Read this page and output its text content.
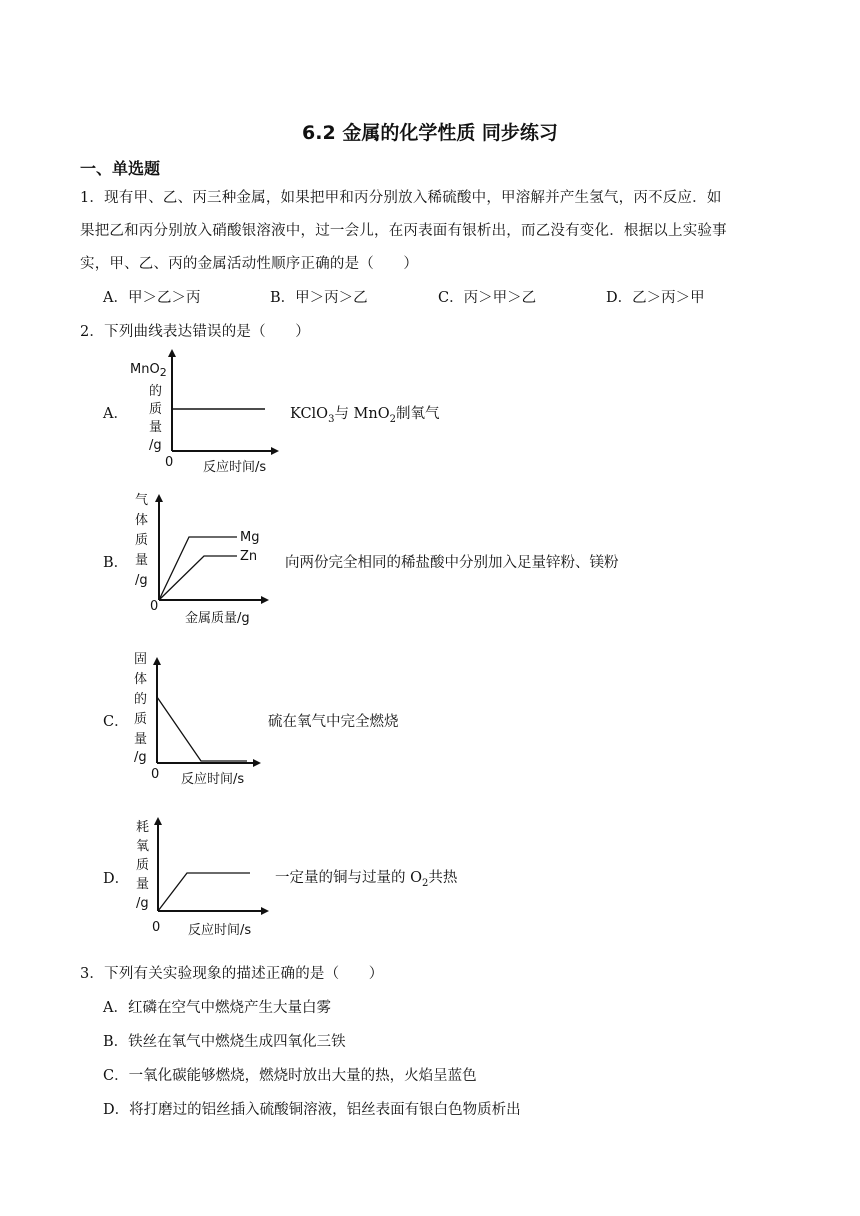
6.2 金属的化学性质 同步练习
一、单选题
1．现有甲、乙、丙三种金属，如果把甲和丙分别放入稀硫酸中，甲溶解并产生氢气，丙不反应．如
果把乙和丙分别放入硝酸银溶液中，过一会儿，在丙表面有银析出，而乙没有变化．根据以上实验事
实，甲、乙、丙的金属活动性顺序正确的是（　　）
A．甲＞乙＞丙	B．甲＞丙＞乙	C．丙＞甲＞乙	D．乙＞丙＞甲
2．下列曲线表达错误的是（　　）
A．
MnO$_2$
的
质
量
/g
0 反应时间/s
KClO$_3$与 MnO$_2$制氧气
B．
气
体
质
量
/g
Mg
Zn
0
金属质量/g
向两份完全相同的稀盐酸中分别加入足量锌粉、镁粉
C．
固
体
的
质
量
/g
0 反应时间/s
硫在氧气中完全燃烧
D．
耗
氧
质
量
/g
0 反应时间/s
一定量的铜与过量的 $O_2$共热
3．下列有关实验现象的描述正确的是（　　）
A．红磷在空气中燃烧产生大量白雾
B．铁丝在氧气中燃烧生成四氧化三铁
C．一氧化碳能够燃烧，燃烧时放出大量的热，火焰呈蓝色
D．将打磨过的铝丝插入硫酸铜溶液，铝丝表面有银白色物质析出
